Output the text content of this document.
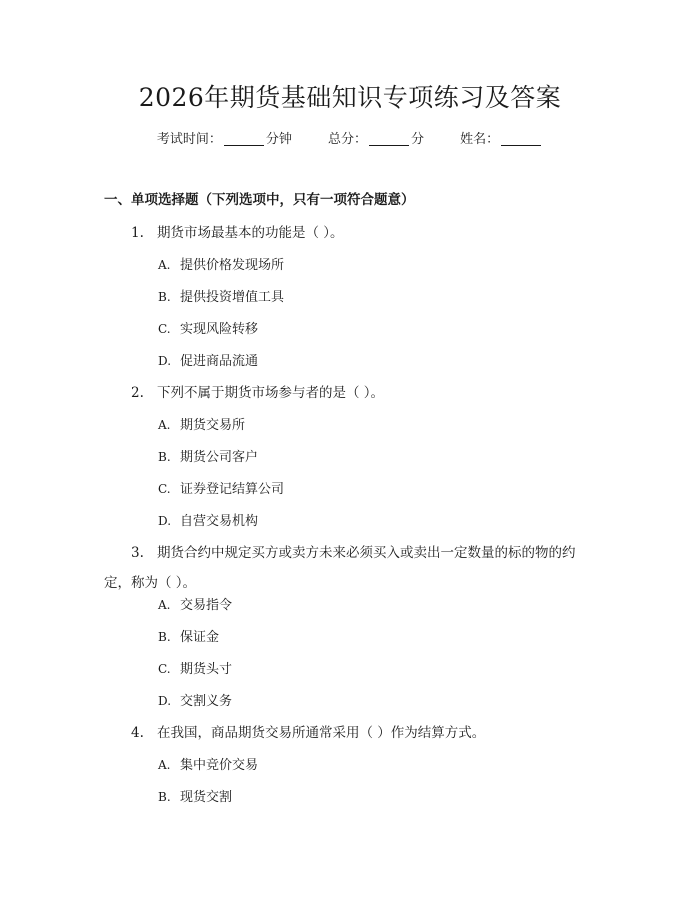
2026年期货基础知识专项练习及答案
考试时间：	分钟	总分：	分	姓名：
一、单项选择题（下列选项中，只有一项符合题意）
1. 期货市场最基本的功能是（ ）。
A. 提供价格发现场所
B. 提供投资增值工具
C. 实现风险转移
D. 促进商品流通
2. 下列不属于期货市场参与者的是（ ）。
A. 期货交易所
B. 期货公司客户
C. 证券登记结算公司
D. 自营交易机构
3. 期货合约中规定买方或卖方未来必须买入或卖出一定数量的标的物的约定，称为（ ）。
A. 交易指令
B. 保证金
C. 期货头寸
D. 交割义务
4. 在我国，商品期货交易所通常采用（ ）作为结算方式。
A. 集中竞价交易
B. 现货交割
